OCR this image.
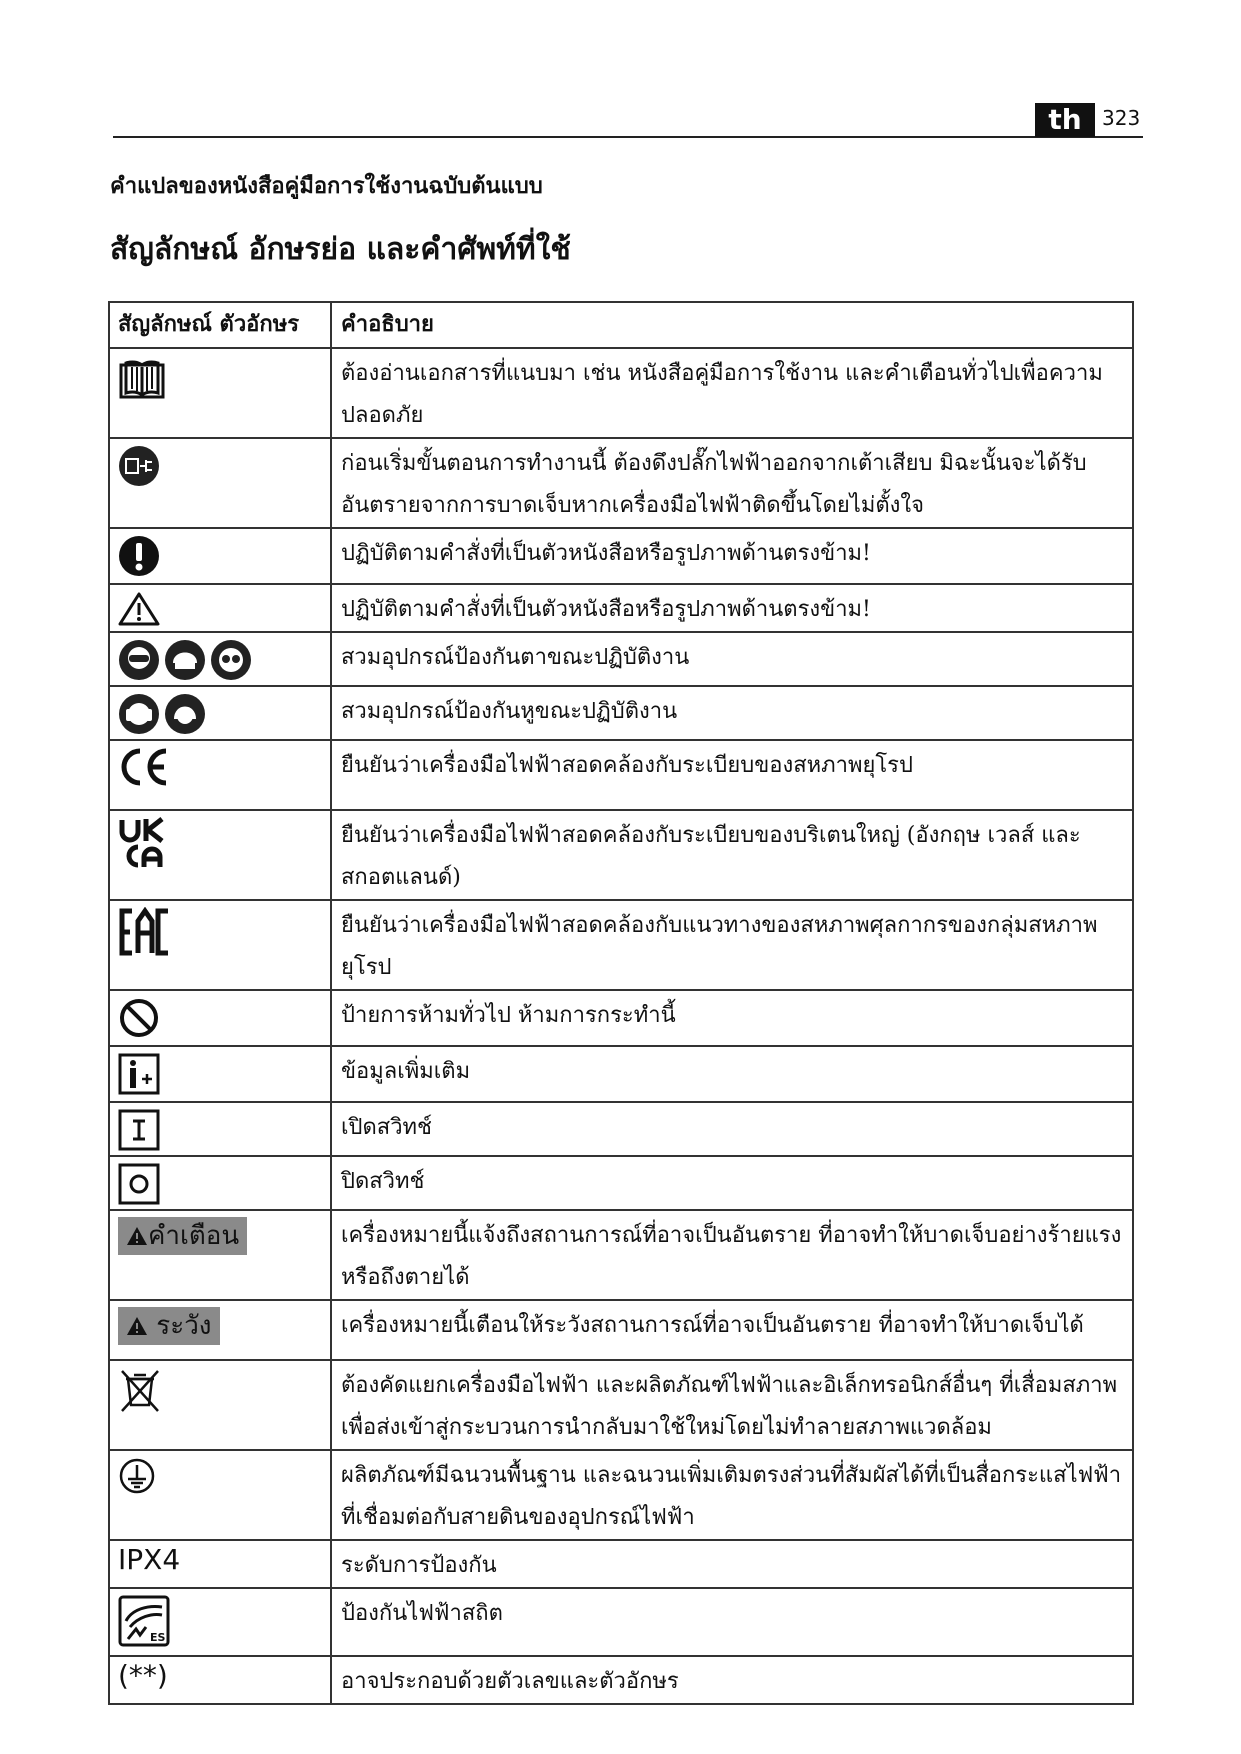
th	323
คำแปลของหนังสือคู่มือการใช้งานฉบับต้นแบบ
สัญลักษณ์ อักษรย่อ และคำศัพท์ที่ใช้
สัญลักษณ์ ตัวอักษร	คำอธิบาย

	ต้องอ่านเอกสารที่แนบมา เช่น หนังสือคู่มือการใช้งาน และคำเตือนทั่วไปเพื่อความปลอดภัย

	ก่อนเริ่มขั้นตอนการทำงานนี้ ต้องดึงปลั๊กไฟฟ้าออกจากเต้าเสียบ มิฉะนั้นจะได้รับอันตรายจากการบาดเจ็บหากเครื่องมือไฟฟ้าติดขึ้นโดยไม่ตั้งใจ

	ปฏิบัติตามคำสั่งที่เป็นตัวหนังสือหรือรูปภาพด้านตรงข้าม!

	ปฏิบัติตามคำสั่งที่เป็นตัวหนังสือหรือรูปภาพด้านตรงข้าม!

	สวมอุปกรณ์ป้องกันตาขณะปฏิบัติงาน

	สวมอุปกรณ์ป้องกันหูขณะปฏิบัติงาน

	ยืนยันว่าเครื่องมือไฟฟ้าสอดคล้องกับระเบียบของสหภาพยุโรป

	ยืนยันว่าเครื่องมือไฟฟ้าสอดคล้องกับระเบียบของบริเตนใหญ่ (อังกฤษ เวลส์ และสกอตแลนด์)

	ยืนยันว่าเครื่องมือไฟฟ้าสอดคล้องกับแนวทางของสหภาพศุลกากรของกลุ่มสหภาพยุโรป

	ป้ายการห้ามทั่วไป ห้ามการกระทำนี้

	ข้อมูลเพิ่มเติม

	เปิดสวิทช์

	ปิดสวิทช์
คำเตือน	เครื่องหมายนี้แจ้งถึงสถานการณ์ที่อาจเป็นอันตราย ที่อาจทำให้บาดเจ็บอย่างร้ายแรงหรือถึงตายได้
ระวัง	เครื่องหมายนี้เตือนให้ระวังสถานการณ์ที่อาจเป็นอันตราย ที่อาจทำให้บาดเจ็บได้

	ต้องคัดแยกเครื่องมือไฟฟ้า และผลิตภัณฑ์ไฟฟ้าและอิเล็กทรอนิกส์อื่นๆ ที่เสื่อมสภาพ เพื่อส่งเข้าสู่กระบวนการนำกลับมาใช้ใหม่โดยไม่ทำลายสภาพแวดล้อม

	ผลิตภัณฑ์มีฉนวนพื้นฐาน และฉนวนเพิ่มเติมตรงส่วนที่สัมผัสได้ที่เป็นสื่อกระแสไฟฟ้าที่เชื่อมต่อกับสายดินของอุปกรณ์ไฟฟ้า
IPX4	ระดับการป้องกัน

ES	ป้องกันไฟฟ้าสถิต
(**)	อาจประกอบด้วยตัวเลขและตัวอักษร
